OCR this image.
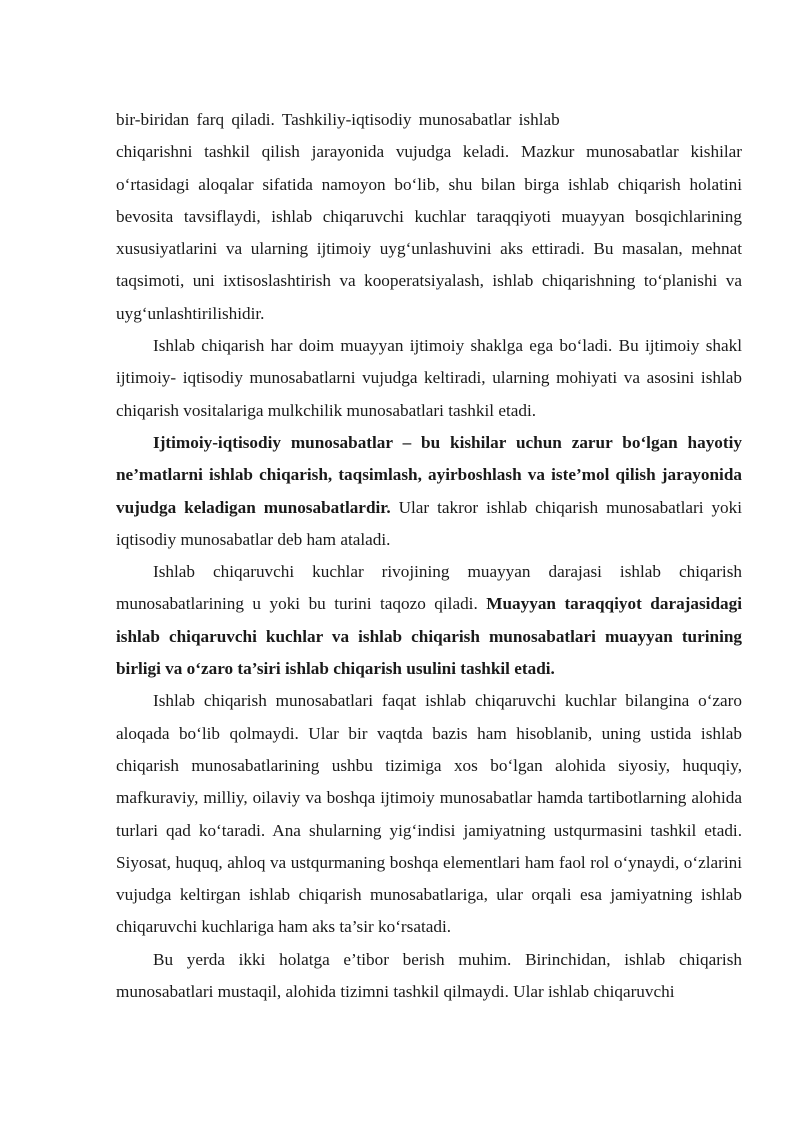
bir-biridan farq qiladi. Tashkiliy-iqtisodiy munosabatlar ishlab

chiqarishni tashkil qilish jarayonida vujudga keladi. Mazkur munosabatlar kishilar o‘rtasidagi aloqalar sifatida namoyon bo‘lib, shu bilan birga ishlab chiqarish holatini bevosita tavsiflaydi, ishlab chiqaruvchi kuchlar taraqqiyoti muayyan bosqichlarining xususiyatlarini va ularning ijtimoiy uyg‘unlashuvini aks ettiradi. Bu masalan, mehnat taqsimoti, uni ixtisoslashtirish va kooperatsiyalash, ishlab chiqarishning to‘planishi va uyg‘unlashtirilishidir.

Ishlab chiqarish har doim muayyan ijtimoiy shaklga ega bo‘ladi. Bu ijtimoiy shakl ijtimoiy- iqtisodiy munosabatlarni vujudga keltiradi, ularning mohiyati va asosini ishlab chiqarish vositalariga mulkchilik munosabatlari tashkil etadi.

Ijtimoiy-iqtisodiy munosabatlar – bu kishilar uchun zarur bo‘lgan hayotiy ne’matlarni ishlab chiqarish, taqsimlash, ayirboshlash va iste’mol qilish jarayonida vujudga keladigan munosabatlardir. Ular takror ishlab chiqarish munosabatlari yoki iqtisodiy munosabatlar deb ham ataladi.

Ishlab chiqaruvchi kuchlar rivojining muayyan darajasi ishlab chiqarish munosabatlarining u yoki bu turini taqozo qiladi. Muayyan taraqqiyot darajasidagi ishlab chiqaruvchi kuchlar va ishlab chiqarish munosabatlari muayyan turining birligi va o‘zaro ta’siri ishlab chiqarish usulini tashkil etadi.

Ishlab chiqarish munosabatlari faqat ishlab chiqaruvchi kuchlar bilangina o‘zaro aloqada bo‘lib qolmaydi. Ular bir vaqtda bazis ham hisoblanib, uning ustida ishlab chiqarish munosabatlarining ushbu tizimiga xos bo‘lgan alohida siyosiy, huquqiy, mafkuraviy, milliy, oilaviy va boshqa ijtimoiy munosabatlar hamda tartibotlarning alohida turlari qad ko‘taradi. Ana shularning yig‘indisi jamiyatning ustqurmasini tashkil etadi. Siyosat, huquq, ahloq va ustqurmaning boshqa elementlari ham faol rol o‘ynaydi, o‘zlarini vujudga keltirgan ishlab chiqarish munosabatlariga, ular orqali esa jamiyatning ishlab chiqaruvchi kuchlariga ham aks ta’sir ko‘rsatadi.

Bu yerda ikki holatga e’tibor berish muhim. Birinchidan, ishlab chiqarish munosabatlari mustaqil, alohida tizimni tashkil qilmaydi. Ular ishlab chiqaruvchi
